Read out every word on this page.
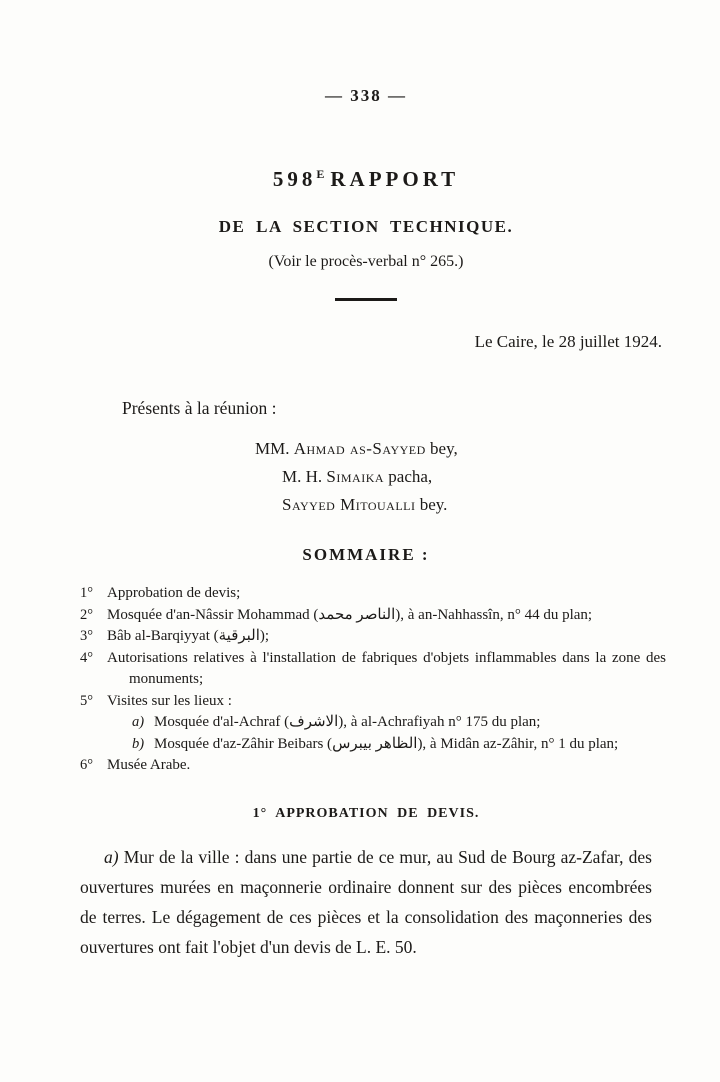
— 338 —
$598^E$ RAPPORT
DE LA SECTION TECHNIQUE.
(Voir le procès-verbal n° 265.)
Le Caire, le 28 juillet 1924.
Présents à la réunion :
MM. Ahmad as-Sayyed bey,
M. H. Simaika pacha,
Sayyed Mitoualli bey.
SOMMAIRE :
1° Approbation de devis;
2° Mosquée d'an-Nâssir Mohammad (الناصر محمد), à an-Nahhassîn, n° 44 du plan;
3° Bâb al-Barqiyyat (البرقية);
4° Autorisations relatives à l'installation de fabriques d'objets inflammables dans la zone des monuments;
5° Visites sur les lieux :
a) Mosquée d'al-Achraf (الاشرف), à al-Achrafiyah n° 175 du plan;
b) Mosquée d'az-Zâhir Beibars (الظاهر بيبرس), à Midân az-Zâhir, n° 1 du plan;
6° Musée Arabe.
1° APPROBATION DE DEVIS.

a) Mur de la ville : dans une partie de ce mur, au Sud de Bourg az-Zafar, des ouvertures murées en maçonnerie ordinaire donnent sur des pièces encombrées de terres. Le dégagement de ces pièces et la consolidation des maçonneries des ouvertures ont fait l'objet d'un devis de L. E. 50.
